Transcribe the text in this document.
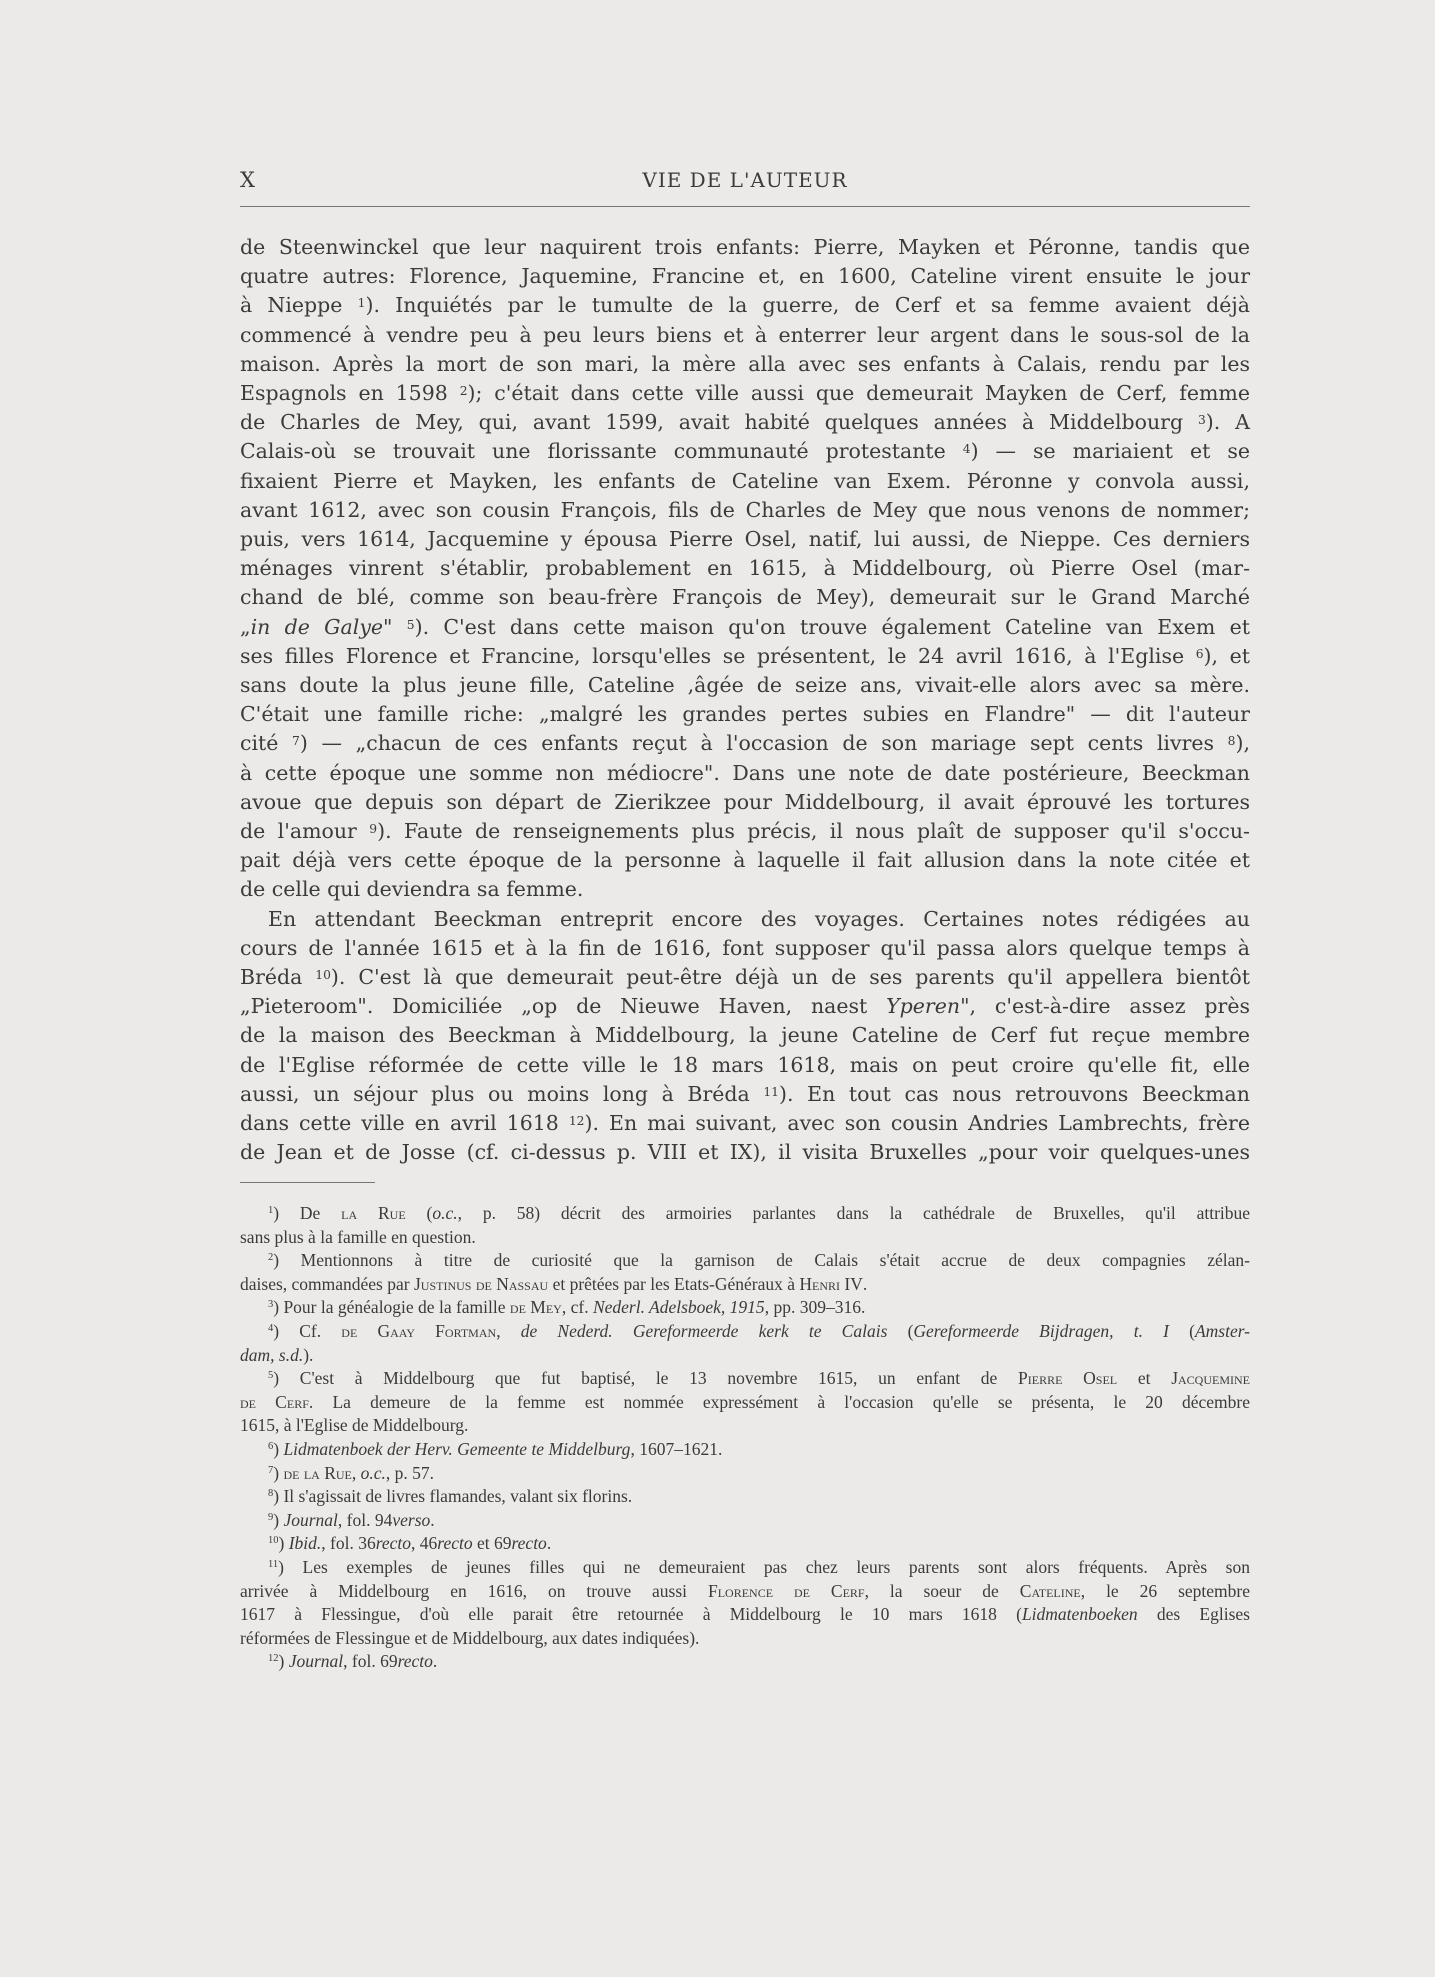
X	VIE DE L'AUTEUR
de Steenwinckel que leur naquirent trois enfants: Pierre, Mayken et Péronne, tandis que
quatre autres: Florence, Jaquemine, Francine et, en 1600, Cateline virent ensuite le jour
à Nieppe $^1$). Inquiétés par le tumulte de la guerre, de Cerf et sa femme avaient déjà
commencé à vendre peu à peu leurs biens et à enterrer leur argent dans le sous-sol de la
maison. Après la mort de son mari, la mère alla avec ses enfants à Calais, rendu par les
Espagnols en 1598 $^2$); c'était dans cette ville aussi que demeurait Mayken de Cerf, femme
de Charles de Mey, qui, avant 1599, avait habité quelques années à Middelbourg $^3$). A
Calais-où se trouvait une florissante communauté protestante $^4$) — se mariaient et se
fixaient Pierre et Mayken, les enfants de Cateline van Exem. Péronne y convola aussi,
avant 1612, avec son cousin François, fils de Charles de Mey que nous venons de nommer;
puis, vers 1614, Jacquemine y épousa Pierre Osel, natif, lui aussi, de Nieppe. Ces derniers
ménages vinrent s'établir, probablement en 1615, à Middelbourg, où Pierre Osel (mar-
chand de blé, comme son beau-frère François de Mey), demeurait sur le Grand Marché
„in de Galye" $^5$). C'est dans cette maison qu'on trouve également Cateline van Exem et
ses filles Florence et Francine, lorsqu'elles se présentent, le 24 avril 1616, à l'Eglise $^6$), et
sans doute la plus jeune fille, Cateline ,âgée de seize ans, vivait-elle alors avec sa mère.
C'était une famille riche: „malgré les grandes pertes subies en Flandre" — dit l'auteur
cité $^7$) — „chacun de ces enfants reçut à l'occasion de son mariage sept cents livres $^8$),
à cette époque une somme non médiocre". Dans une note de date postérieure, Beeckman
avoue que depuis son départ de Zierikzee pour Middelbourg, il avait éprouvé les tortures
de l'amour $^9$). Faute de renseignements plus précis, il nous plaît de supposer qu'il s'occu-
pait déjà vers cette époque de la personne à laquelle il fait allusion dans la note citée et
de celle qui deviendra sa femme.
En attendant Beeckman entreprit encore des voyages. Certaines notes rédigées au
cours de l'année 1615 et à la fin de 1616, font supposer qu'il passa alors quelque temps à
Bréda $^{10}$). C'est là que demeurait peut-être déjà un de ses parents qu'il appellera bientôt
„Pieteroom". Domiciliée „op de Nieuwe Haven, naest Yperen", c'est-à-dire assez près
de la maison des Beeckman à Middelbourg, la jeune Cateline de Cerf fut reçue membre
de l'Eglise réformée de cette ville le 18 mars 1618, mais on peut croire qu'elle fit, elle
aussi, un séjour plus ou moins long à Bréda $^{11}$). En tout cas nous retrouvons Beeckman
dans cette ville en avril 1618 $^{12}$). En mai suivant, avec son cousin Andries Lambrechts, frère
de Jean et de Josse (cf. ci-dessus p. VIII et IX), il visita Bruxelles „pour voir quelques-unes
$^1$) De la Rue (o.c., p. 58) décrit des armoiries parlantes dans la cathédrale de Bruxelles, qu'il attribue
sans plus à la famille en question.
$^2$) Mentionnons à titre de curiosité que la garnison de Calais s'était accrue de deux compagnies zélan-
daises, commandées par Justinus de Nassau et prêtées par les Etats-Généraux à Henri IV.
$^3$) Pour la généalogie de la famille de Mey, cf. Nederl. Adelsboek, 1915, pp. 309–316.
$^4$) Cf. de Gaay Fortman, de Nederd. Gereformeerde kerk te Calais (Gereformeerde Bijdragen, t. I (Amster-
dam, s.d.).
$^5$) C'est à Middelbourg que fut baptisé, le 13 novembre 1615, un enfant de Pierre Osel et Jacquemine
de Cerf. La demeure de la femme est nommée expressément à l'occasion qu'elle se présenta, le 20 décembre
1615, à l'Eglise de Middelbourg.
$^6$) Lidmatenboek der Herv. Gemeente te Middelburg, 1607–1621.
$^7$) de la Rue, o.c., p. 57.
$^8$) Il s'agissait de livres flamandes, valant six florins.
$^9$) Journal, fol. 94verso.
$^{10}$) Ibid., fol. 36recto, 46recto et 69recto.
$^{11}$) Les exemples de jeunes filles qui ne demeuraient pas chez leurs parents sont alors fréquents. Après son
arrivée à Middelbourg en 1616, on trouve aussi Florence de Cerf, la soeur de Cateline, le 26 septembre
1617 à Flessingue, d'où elle parait être retournée à Middelbourg le 10 mars 1618 (Lidmatenboeken des Eglises
réformées de Flessingue et de Middelbourg, aux dates indiquées).
$^{12}$) Journal, fol. 69recto.
